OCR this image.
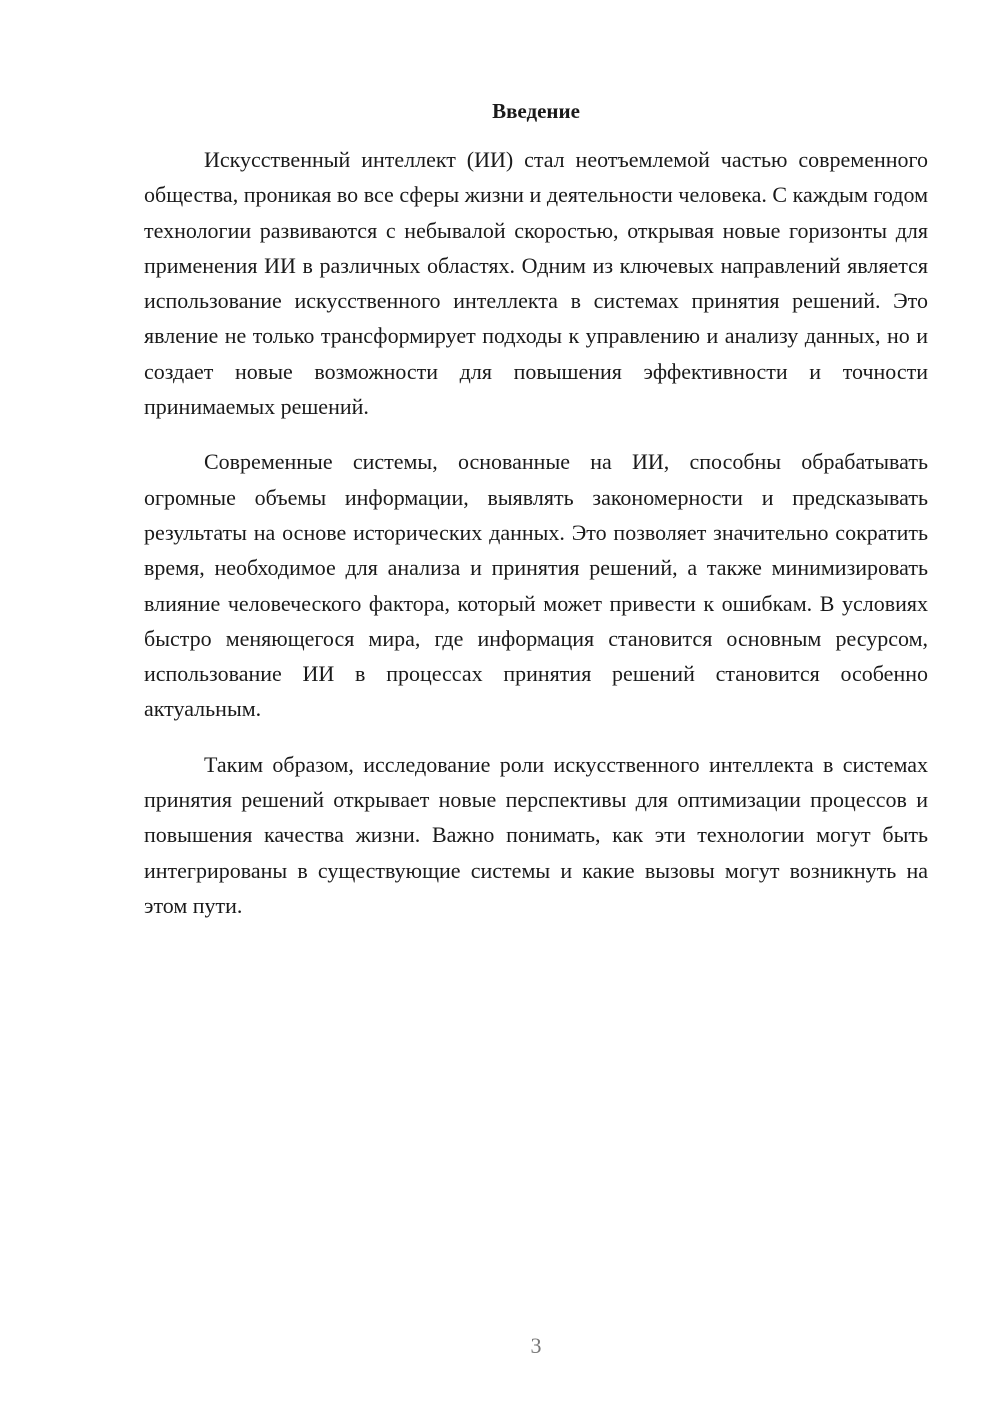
Введение

Искусственный интеллект (ИИ) стал неотъемлемой частью современного общества, проникая во все сферы жизни и деятельности человека. С каждым годом технологии развиваются с небывалой скоростью, открывая новые горизонты для применения ИИ в различных областях. Одним из ключевых направлений является использование искусственного интеллекта в системах принятия решений. Это явление не только трансформирует подходы к управлению и анализу данных, но и создает новые возможности для повышения эффективности и точности принимаемых решений.

Современные системы, основанные на ИИ, способны обрабатывать огромные объемы информации, выявлять закономерности и предсказывать результаты на основе исторических данных. Это позволяет значительно сократить время, необходимое для анализа и принятия решений, а также минимизировать влияние человеческого фактора, который может привести к ошибкам. В условиях быстро меняющегося мира, где информация становится основным ресурсом, использование ИИ в процессах принятия решений становится особенно актуальным.

Таким образом, исследование роли искусственного интеллекта в системах принятия решений открывает новые перспективы для оптимизации процессов и повышения качества жизни. Важно понимать, как эти технологии могут быть интегрированы в существующие системы и какие вызовы могут возникнуть на этом пути.

3
